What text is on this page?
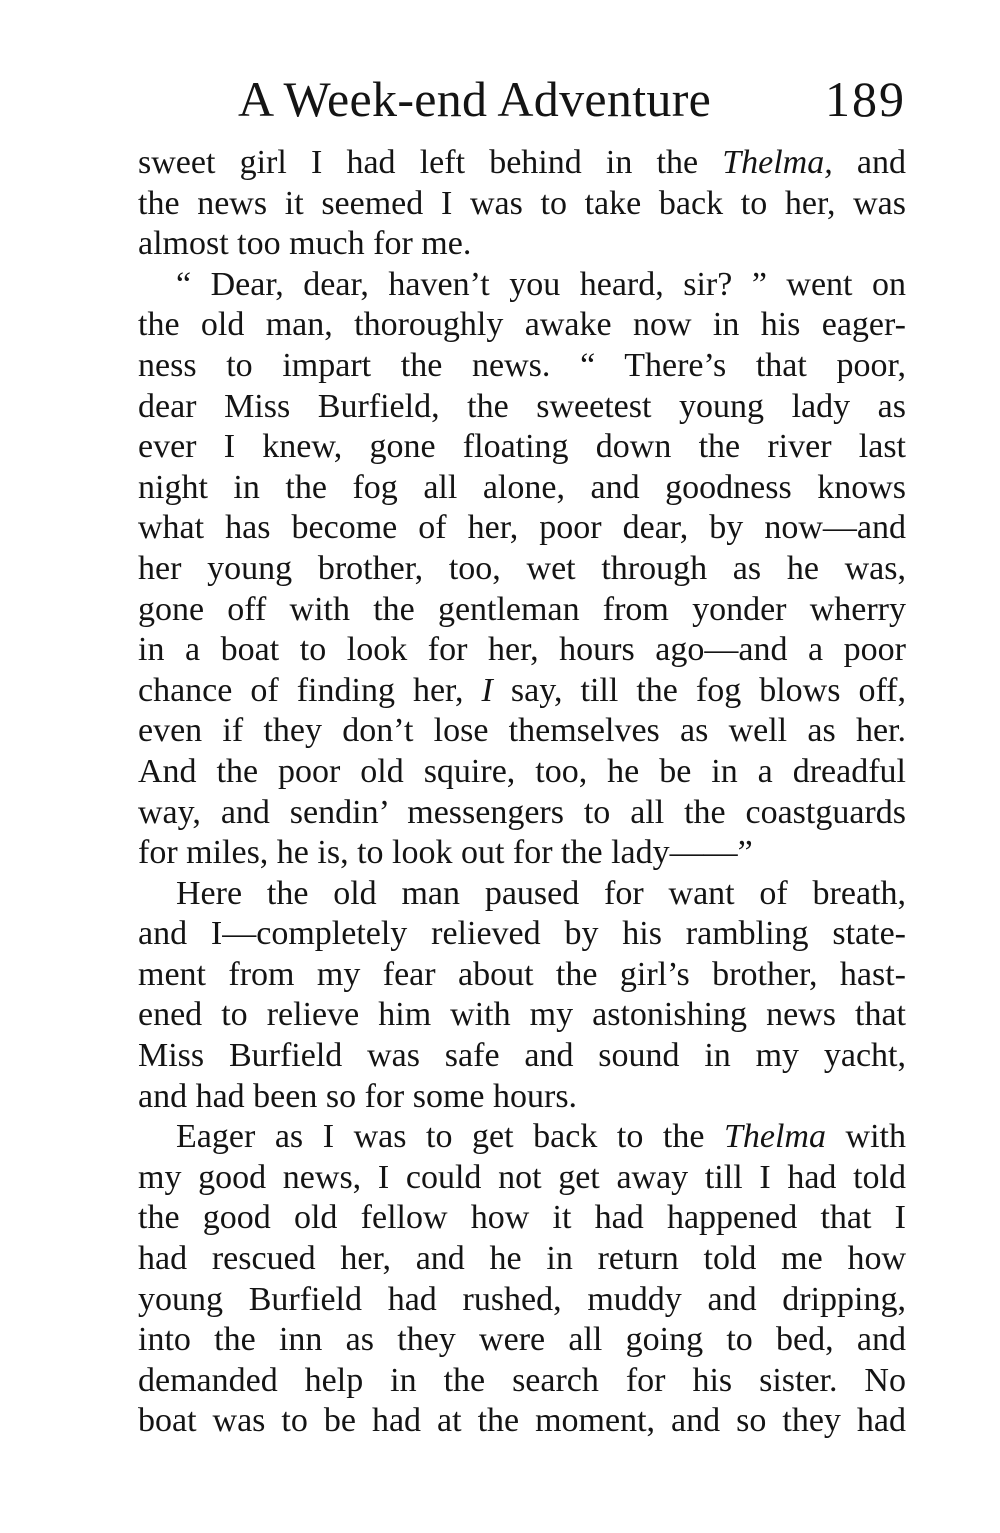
A Week-end Adventure 189
sweet girl I had left behind in the Thelma, and
the news it seemed I was to take back to her, was
almost too much for me.
“ Dear, dear, haven’t you heard, sir? ” went on
the old man, thoroughly awake now in his eager-
ness to impart the news. “ There’s that poor,
dear Miss Burfield, the sweetest young lady as
ever I knew, gone floating down the river last
night in the fog all alone, and goodness knows
what has become of her, poor dear, by now—and
her young brother, too, wet through as he was,
gone off with the gentleman from yonder wherry
in a boat to look for her, hours ago—and a poor
chance of finding her, I say, till the fog blows off,
even if they don’t lose themselves as well as her.
And the poor old squire, too, he be in a dreadful
way, and sendin’ messengers to all the coastguards
for miles, he is, to look out for the lady——”
Here the old man paused for want of breath,
and I—completely relieved by his rambling state-
ment from my fear about the girl’s brother, hast-
ened to relieve him with my astonishing news that
Miss Burfield was safe and sound in my yacht,
and had been so for some hours.
Eager as I was to get back to the Thelma with
my good news, I could not get away till I had told
the good old fellow how it had happened that I
had rescued her, and he in return told me how
young Burfield had rushed, muddy and dripping,
into the inn as they were all going to bed, and
demanded help in the search for his sister. No
boat was to be had at the moment, and so they had
